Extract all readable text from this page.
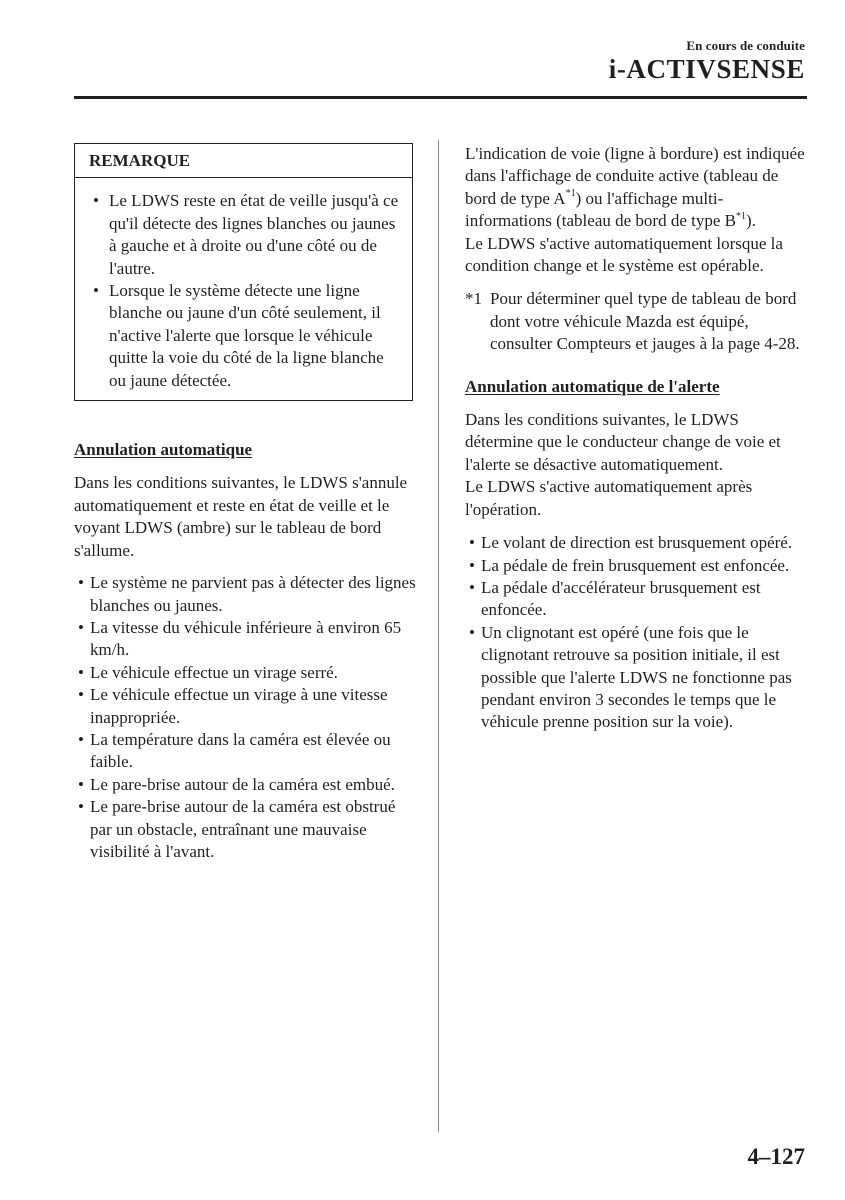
En cours de conduite
i-ACTIVSENSE
REMARQUE
• Le LDWS reste en état de veille jusqu'à ce qu'il détecte des lignes blanches ou jaunes à gauche et à droite ou d'une côté ou de l'autre.
• Lorsque le système détecte une ligne blanche ou jaune d'un côté seulement, il n'active l'alerte que lorsque le véhicule quitte la voie du côté de la ligne blanche ou jaune détectée.

Annulation automatique

Dans les conditions suivantes, le LDWS s'annule automatiquement et reste en état de veille et le voyant LDWS (ambre) sur le tableau de bord s'allume.

• Le système ne parvient pas à détecter des lignes blanches ou jaunes.
• La vitesse du véhicule inférieure à environ 65 km/h.
• Le véhicule effectue un virage serré.
• Le véhicule effectue un virage à une vitesse inappropriée.
• La température dans la caméra est élevée ou faible.
• Le pare-brise autour de la caméra est embué.
• Le pare-brise autour de la caméra est obstrué par un obstacle, entraînant une mauvaise visibilité à l'avant.

L'indication de voie (ligne à bordure) est indiquée dans l'affichage de conduite active (tableau de bord de type $A^{*1}$) ou l'affichage multi-informations (tableau de bord de type $B^{*1}$).

Le LDWS s'active automatiquement lorsque la condition change et le système est opérable.

*1 Pour déterminer quel type de tableau de bord dont votre véhicule Mazda est équipé, consulter Compteurs et jauges à la page 4-28.

Annulation automatique de l'alerte

Dans les conditions suivantes, le LDWS détermine que le conducteur change de voie et l'alerte se désactive automatiquement.

Le LDWS s'active automatiquement après l'opération.

• Le volant de direction est brusquement opéré.
• La pédale de frein brusquement est enfoncée.
• La pédale d'accélérateur brusquement est enfoncée.
• Un clignotant est opéré (une fois que le clignotant retrouve sa position initiale, il est possible que l'alerte LDWS ne fonctionne pas pendant environ 3 secondes le temps que le véhicule prenne position sur la voie).
4–127
